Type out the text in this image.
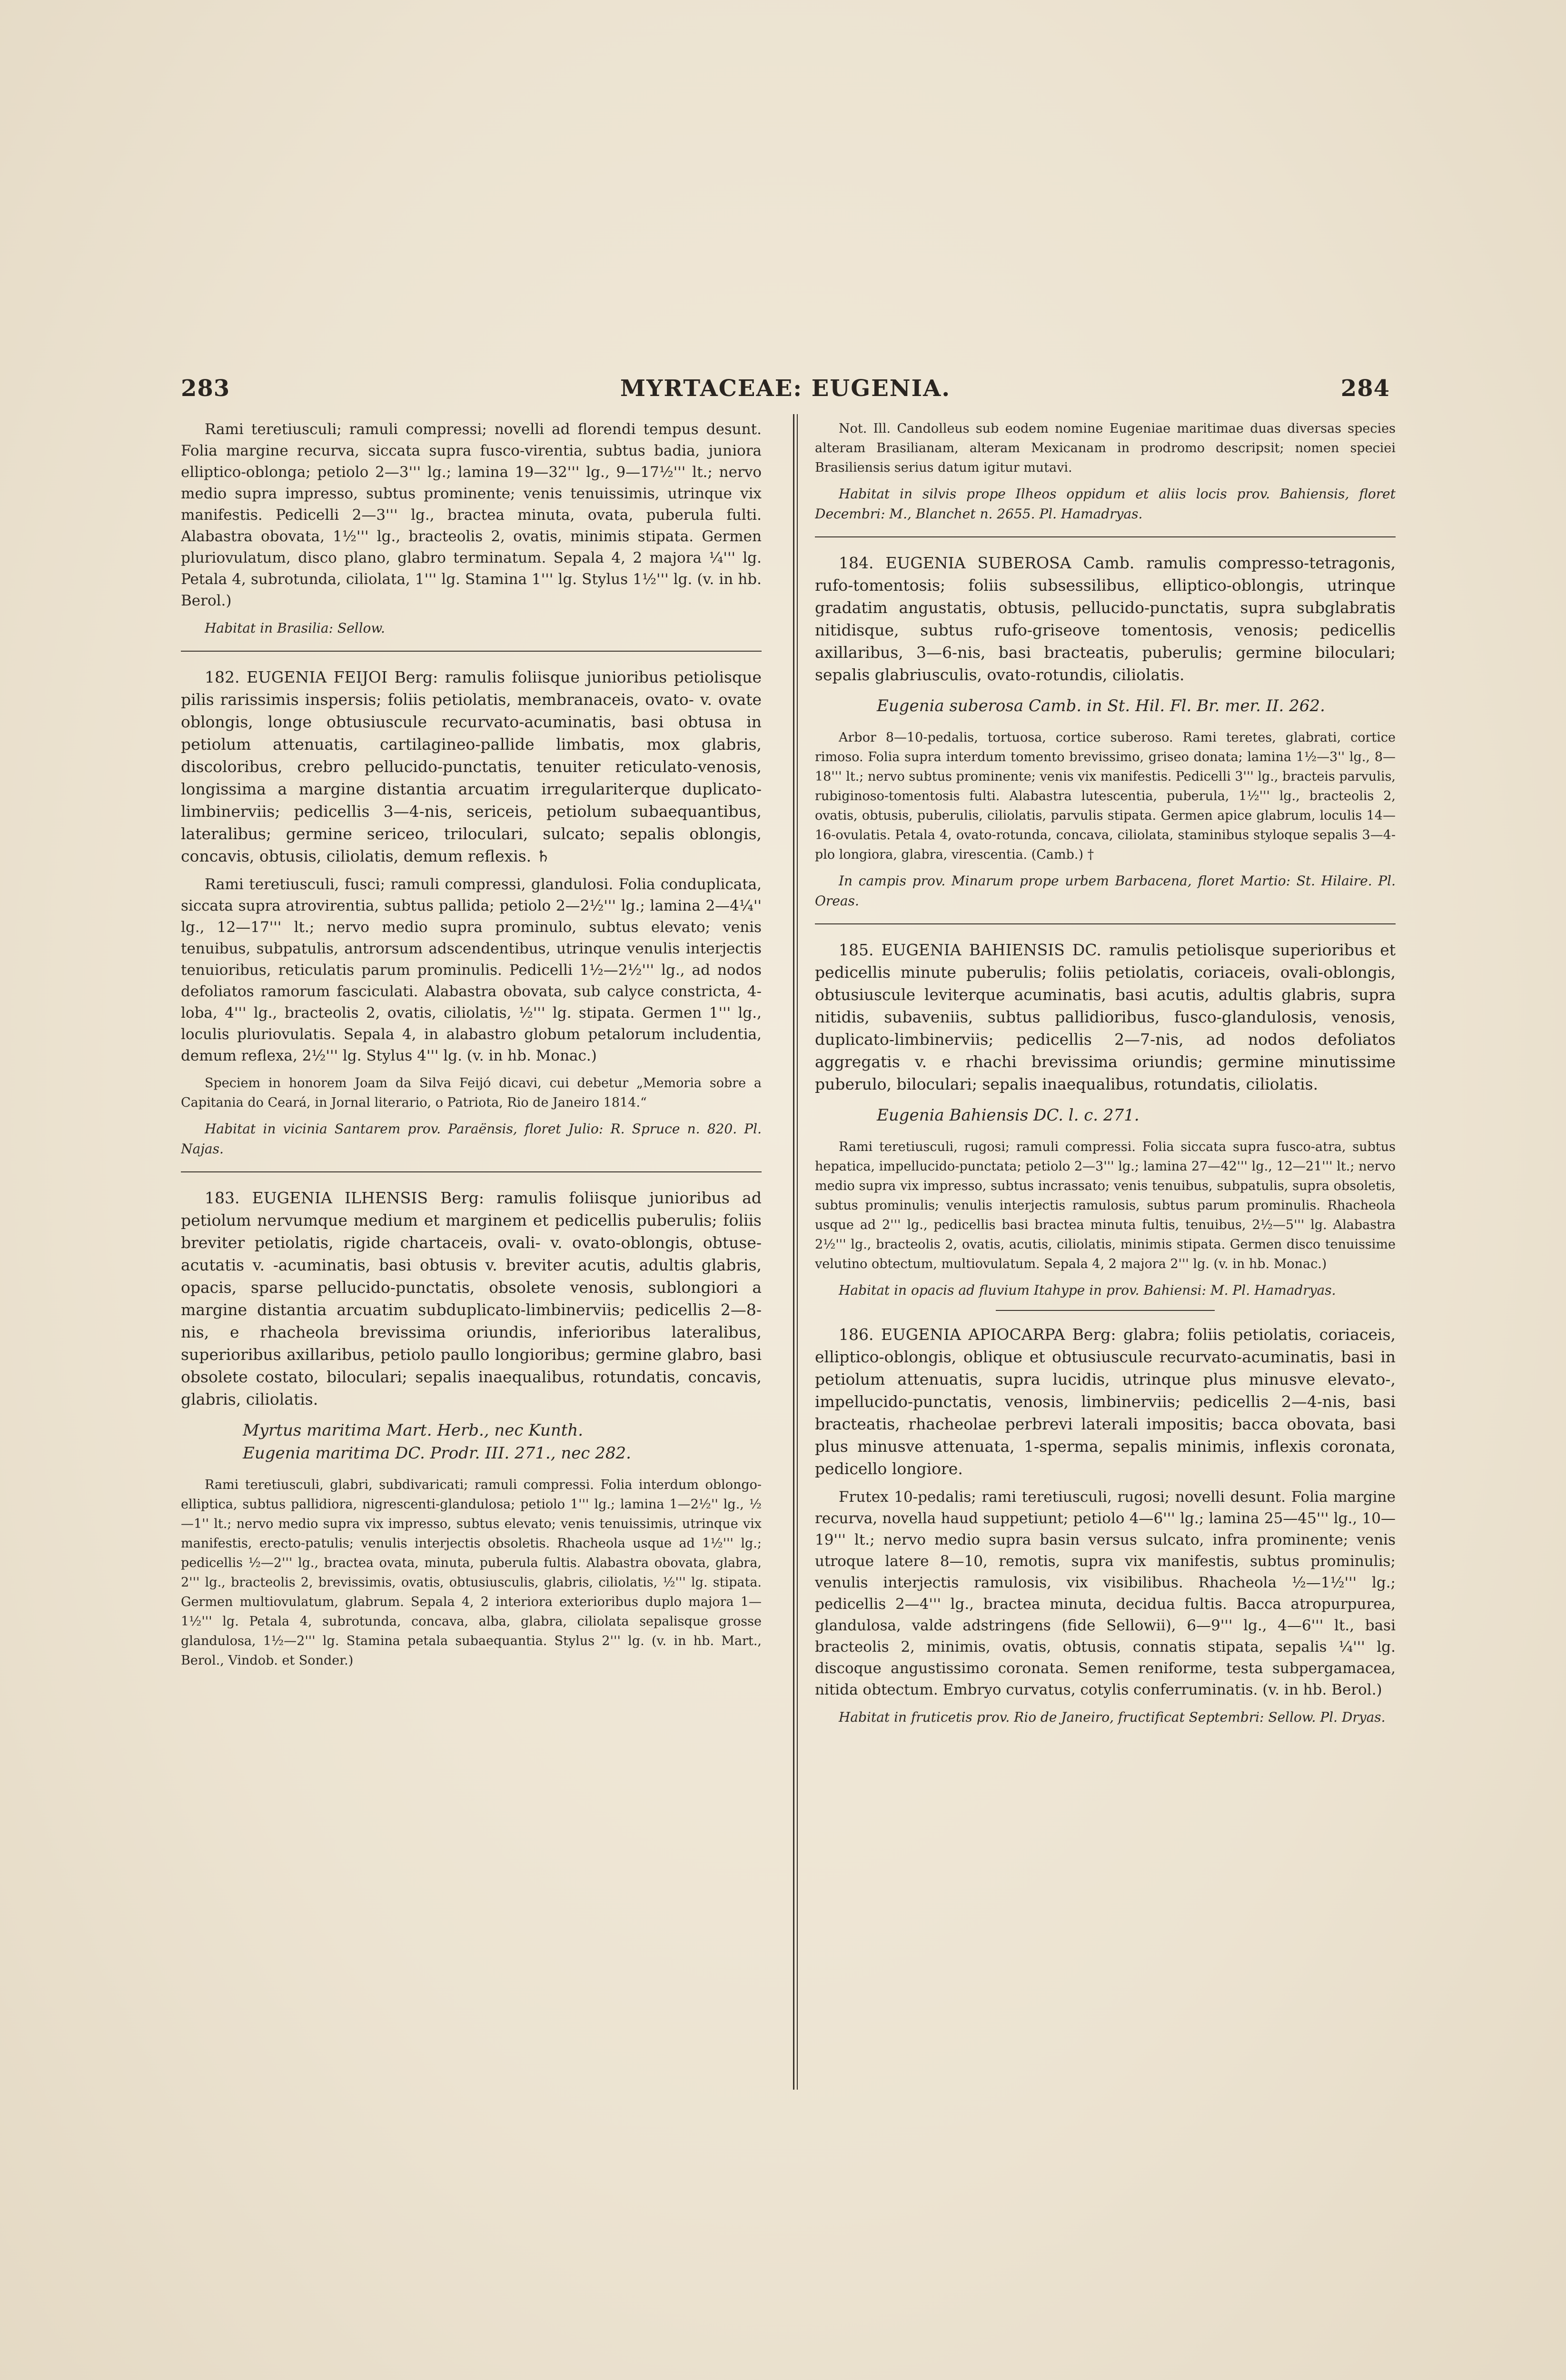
283	MYRTACEAE: EUGENIA.	284

Rami teretiusculi; ramuli compressi; novelli ad florendi tempus desunt. Folia margine recurva, siccata supra fusco-virentia, subtus badia, juniora elliptico-oblonga; petiolo 2—3''' lg.; lamina 19—32''' lg., 9—17½''' lt.; nervo medio supra impresso, subtus prominente; venis tenuissimis, utrinque vix manifestis. Pedicelli 2—3''' lg., bractea minuta, ovata, puberula fulti. Alabastra obovata, 1½''' lg., bracteolis 2, ovatis, minimis stipata. Germen pluriovulatum, disco plano, glabro terminatum. Sepala 4, 2 majora ¼''' lg. Petala 4, subrotunda, ciliolata, 1''' lg. Stamina 1''' lg. Stylus 1½''' lg. (v. in hb. Berol.)

Habitat in Brasilia: Sellow.

182. EUGENIA FEIJOI Berg: ramulis foliisque junioribus petiolisque pilis rarissimis inspersis; foliis petiolatis, membranaceis, ovato- v. ovate oblongis, longe obtusiuscule recurvato-acuminatis, basi obtusa in petiolum attenuatis, cartilagineo-pallide limbatis, mox glabris, discoloribus, crebro pellucido-punctatis, tenuiter reticulato-venosis, longissima a margine distantia arcuatim irregulariterque duplicato-limbinerviis; pedicellis 3—4-nis, sericeis, petiolum subaequantibus, lateralibus; germine sericeo, triloculari, sulcato; sepalis oblongis, concavis, obtusis, ciliolatis, demum reflexis. ♄

Rami teretiusculi, fusci; ramuli compressi, glandulosi. Folia conduplicata, siccata supra atrovirentia, subtus pallida; petiolo 2—2½''' lg.; lamina 2—4¼'' lg., 12—17''' lt.; nervo medio supra prominulo, subtus elevato; venis tenuibus, subpatulis, antrorsum adscendentibus, utrinque venulis interjectis tenuioribus, reticulatis parum prominulis. Pedicelli 1½—2½''' lg., ad nodos defoliatos ramorum fasciculati. Alabastra obovata, sub calyce constricta, 4-loba, 4''' lg., bracteolis 2, ovatis, ciliolatis, ½''' lg. stipata. Germen 1''' lg., loculis pluriovulatis. Sepala 4, in alabastro globum petalorum includentia, demum reflexa, 2½''' lg. Stylus 4''' lg. (v. in hb. Monac.)

Speciem in honorem Joam da Silva Feijó dicavi, cui debetur „Memoria sobre a Capitania do Ceará, in Jornal literario, o Patriota, Rio de Janeiro 1814.“

Habitat in vicinia Santarem prov. Paraënsis, floret Julio: R. Spruce n. 820. Pl. Najas.

183. EUGENIA ILHENSIS Berg: ramulis foliisque junioribus ad petiolum nervumque medium et marginem et pedicellis puberulis; foliis breviter petiolatis, rigide chartaceis, ovali- v. ovato-oblongis, obtuse- acutatis v. -acuminatis, basi obtusis v. breviter acutis, adultis glabris, opacis, sparse pellucido-punctatis, obsolete venosis, sublongiori a margine distantia arcuatim subduplicato-limbinerviis; pedicellis 2—8-nis, e rhacheola brevissima oriundis, inferioribus lateralibus, superioribus axillaribus, petiolo paullo longioribus; germine glabro, basi obsolete costato, biloculari; sepalis inaequalibus, rotundatis, concavis, glabris, ciliolatis.

Myrtus maritima Mart. Herb., nec Kunth.

Eugenia maritima DC. Prodr. III. 271., nec 282.

Rami teretiusculi, glabri, subdivaricati; ramuli compressi. Folia interdum oblongo-elliptica, subtus pallidiora, nigrescenti-glandulosa; petiolo 1''' lg.; lamina 1—2½'' lg., ½—1'' lt.; nervo medio supra vix impresso, subtus elevato; venis tenuissimis, utrinque vix manifestis, erecto-patulis; venulis interjectis obsoletis. Rhacheola usque ad 1½''' lg.; pedicellis ½—2''' lg., bractea ovata, minuta, puberula fultis. Alabastra obovata, glabra, 2''' lg., bracteolis 2, brevissimis, ovatis, obtusiusculis, glabris, ciliolatis, ½''' lg. stipata. Germen multiovulatum, glabrum. Sepala 4, 2 interiora exterioribus duplo majora 1—1½''' lg. Petala 4, subrotunda, concava, alba, glabra, ciliolata sepalisque grosse glandulosa, 1½—2''' lg. Stamina petala subaequantia. Stylus 2''' lg. (v. in hb. Mart., Berol., Vindob. et Sonder.)

Not. Ill. Candolleus sub eodem nomine Eugeniae maritimae duas diversas species alteram Brasilianam, alteram Mexicanam in prodromo descripsit; nomen speciei Brasiliensis serius datum igitur mutavi.

Habitat in silvis prope Ilheos oppidum et aliis locis prov. Bahiensis, floret Decembri: M., Blanchet n. 2655. Pl. Hamadryas.

184. EUGENIA SUBEROSA Camb. ramulis compresso-tetragonis, rufo-tomentosis; foliis subsessilibus, elliptico-oblongis, utrinque gradatim angustatis, obtusis, pellucido-punctatis, supra subglabratis nitidisque, subtus rufo-griseove tomentosis, venosis; pedicellis axillaribus, 3—6-nis, basi bracteatis, puberulis; germine biloculari; sepalis glabriusculis, ovato-rotundis, ciliolatis.

Eugenia suberosa Camb. in St. Hil. Fl. Br. mer. II. 262.

Arbor 8—10-pedalis, tortuosa, cortice suberoso. Rami teretes, glabrati, cortice rimoso. Folia supra interdum tomento brevissimo, griseo donata; lamina 1½—3'' lg., 8—18''' lt.; nervo subtus prominente; venis vix manifestis. Pedicelli 3''' lg., bracteis parvulis, rubiginoso-tomentosis fulti. Alabastra lutescentia, puberula, 1½''' lg., bracteolis 2, ovatis, obtusis, puberulis, ciliolatis, parvulis stipata. Germen apice glabrum, loculis 14—16-ovulatis. Petala 4, ovato-rotunda, concava, ciliolata, staminibus styloque sepalis 3—4-plo longiora, glabra, virescentia. (Camb.) †

In campis prov. Minarum prope urbem Barbacena, floret Martio: St. Hilaire. Pl. Oreas.

185. EUGENIA BAHIENSIS DC. ramulis petiolisque superioribus et pedicellis minute puberulis; foliis petiolatis, coriaceis, ovali-oblongis, obtusiuscule leviterque acuminatis, basi acutis, adultis glabris, supra nitidis, subaveniis, subtus pallidioribus, fusco-glandulosis, venosis, duplicato-limbinerviis; pedicellis 2—7-nis, ad nodos defoliatos aggregatis v. e rhachi brevissima oriundis; germine minutissime puberulo, biloculari; sepalis inaequalibus, rotundatis, ciliolatis.

Eugenia Bahiensis DC. l. c. 271.

Rami teretiusculi, rugosi; ramuli compressi. Folia siccata supra fusco-atra, subtus hepatica, impellucido-punctata; petiolo 2—3''' lg.; lamina 27—42''' lg., 12—21''' lt.; nervo medio supra vix impresso, subtus incrassato; venis tenuibus, subpatulis, supra obsoletis, subtus prominulis; venulis interjectis ramulosis, subtus parum prominulis. Rhacheola usque ad 2''' lg., pedicellis basi bractea minuta fultis, tenuibus, 2½—5''' lg. Alabastra 2½''' lg., bracteolis 2, ovatis, acutis, ciliolatis, minimis stipata. Germen disco tenuissime velutino obtectum, multiovulatum. Sepala 4, 2 majora 2''' lg. (v. in hb. Monac.)

Habitat in opacis ad fluvium Itahype in prov. Bahiensi: M. Pl. Hamadryas.

186. EUGENIA APIOCARPA Berg: glabra; foliis petiolatis, coriaceis, elliptico-oblongis, oblique et obtusiuscule recurvato-acuminatis, basi in petiolum attenuatis, supra lucidis, utrinque plus minusve elevato-, impellucido-punctatis, venosis, limbinerviis; pedicellis 2—4-nis, basi bracteatis, rhacheolae perbrevi laterali impositis; bacca obovata, basi plus minusve attenuata, 1-sperma, sepalis minimis, inflexis coronata, pedicello longiore.

Frutex 10-pedalis; rami teretiusculi, rugosi; novelli desunt. Folia margine recurva, novella haud suppetiunt; petiolo 4—6''' lg.; lamina 25—45''' lg., 10—19''' lt.; nervo medio supra basin versus sulcato, infra prominente; venis utroque latere 8—10, remotis, supra vix manifestis, subtus prominulis; venulis interjectis ramulosis, vix visibilibus. Rhacheola ½—1½''' lg.; pedicellis 2—4''' lg., bractea minuta, decidua fultis. Bacca atropurpurea, glandulosa, valde adstringens (fide Sellowii), 6—9''' lg., 4—6''' lt., basi bracteolis 2, minimis, ovatis, obtusis, connatis stipata, sepalis ¼''' lg. discoque angustissimo coronata. Semen reniforme, testa subpergamacea, nitida obtectum. Embryo curvatus, cotylis conferruminatis. (v. in hb. Berol.)

Habitat in fruticetis prov. Rio de Janeiro, fructificat Septembri: Sellow. Pl. Dryas.
